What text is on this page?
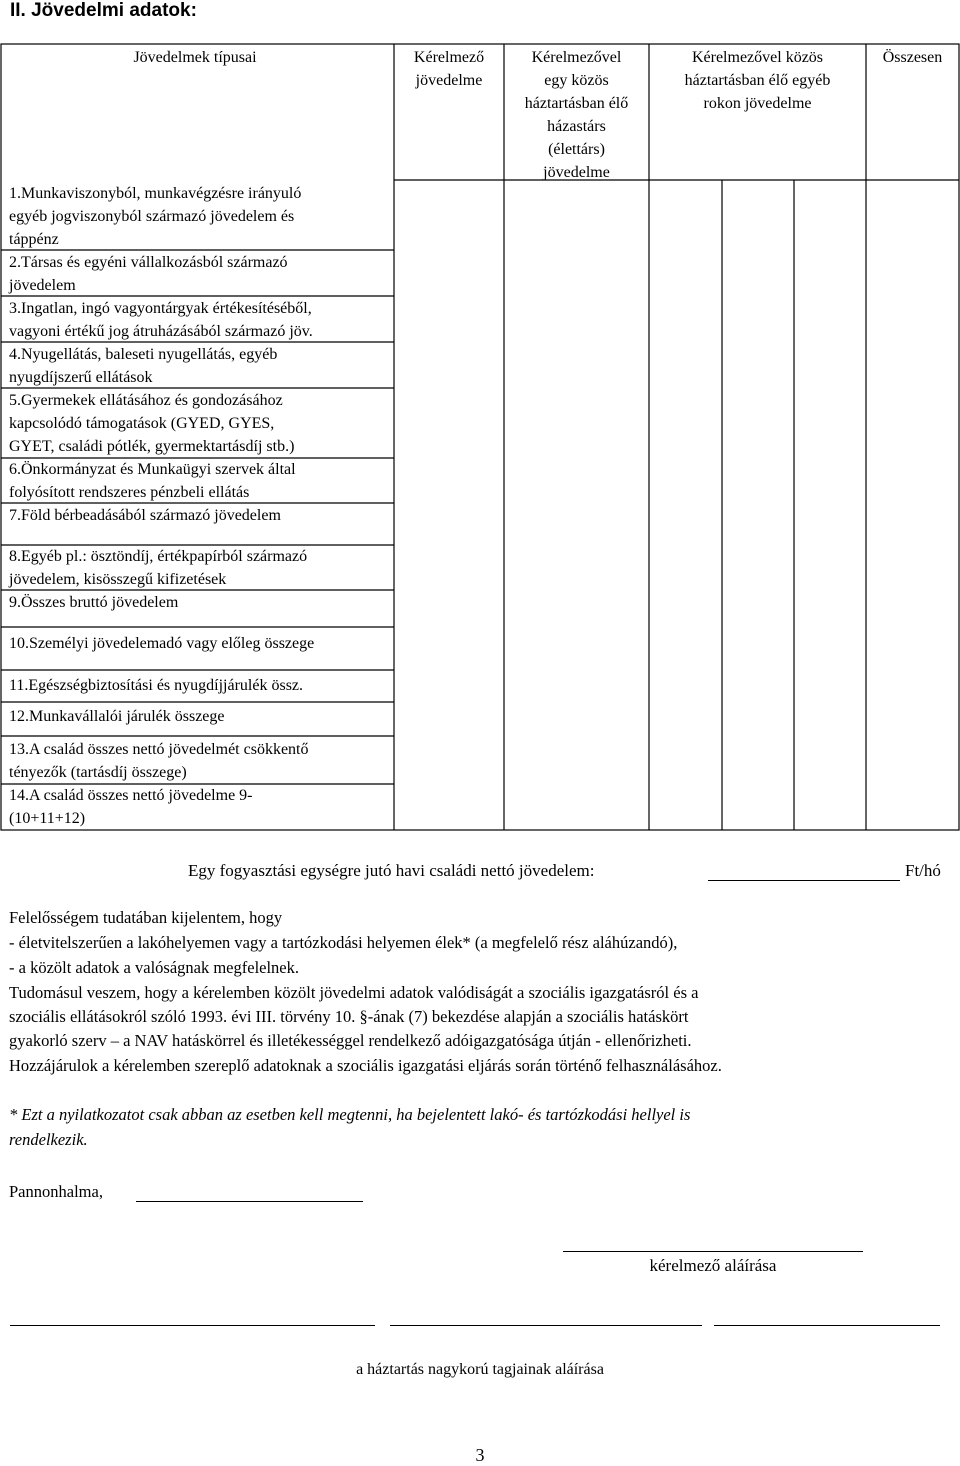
II. Jövedelmi adatok:
Jövedelmek típusai	Kérelmező
jövedelme
Kérelmezővel
egy közös
háztartásban élő
házastárs
(élettárs)
jövedelme
Kérelmezővel közös
háztartásban élő egyéb
rokon jövedelme
Összesen
1.Munkaviszonyból, munkavégzésre irányuló
egyéb jogviszonyból származó jövedelem és
táppénz
2.Társas és egyéni vállalkozásból származó
jövedelem
3.Ingatlan, ingó vagyontárgyak értékesítéséből,
vagyoni értékű jog átruházásából származó jöv.
4.Nyugellátás, baleseti nyugellátás, egyéb
nyugdíjszerű ellátások
5.Gyermekek ellátásához és gondozásához
kapcsolódó támogatások (GYED, GYES,
GYET, családi pótlék, gyermektartásdíj stb.)
6.Önkormányzat és Munkaügyi szervek által
folyósított rendszeres pénzbeli ellátás
7.Föld bérbeadásából származó jövedelem
8.Egyéb pl.: ösztöndíj, értékpapírból származó
jövedelem, kisösszegű kifizetések
9.Összes bruttó jövedelem
10.Személyi jövedelemadó vagy előleg összege
11.Egészségbiztosítási és nyugdíjjárulék össz.
12.Munkavállalói járulék összege
13.A család összes nettó jövedelmét csökkentő
tényezők (tartásdíj összege)
14.A család összes nettó jövedelme 9-
(10+11+12)
Egy fogyasztási egységre jutó havi családi nettó jövedelem:	Ft/hó
Felelősségem tudatában kijelentem, hogy
- életvitelszerűen a lakóhelyemen vagy a tartózkodási helyemen élek* (a megfelelő rész aláhúzandó),
- a közölt adatok a valóságnak megfelelnek.
Tudomásul veszem, hogy a kérelemben közölt jövedelmi adatok valódiságát a szociális igazgatásról és a
szociális ellátásokról szóló 1993. évi III. törvény 10. §-ának (7) bekezdése alapján a szociális hatáskört
gyakorló szerv – a NAV hatáskörrel és illetékességgel rendelkező adóigazgatósága útján - ellenőrizheti.
Hozzájárulok a kérelemben szereplő adatoknak a szociális igazgatási eljárás során történő felhasználásához.
* Ezt a nyilatkozatot csak abban az esetben kell megtenni, ha bejelentett lakó- és tartózkodási hellyel is
rendelkezik.
Pannonhalma,
kérelmező aláírása
a háztartás nagykorú tagjainak aláírása
3
